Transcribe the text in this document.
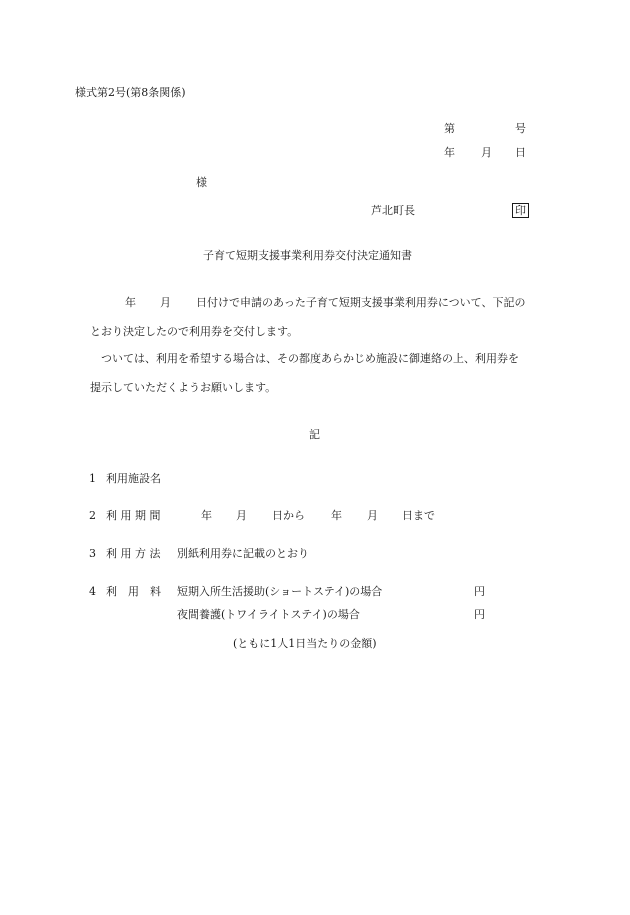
様式第2号(第8条関係)
第	号
年 月 日
様
芦北町長	印
子育て短期支援事業利用券交付決定通知書
年 月 日付けで申請のあった子育て短期支援事業利用券について、下記の
とおり決定したので利用券を交付します。
ついては、利用を希望する場合は、その都度あらかじめ施設に御連絡の上、利用券を
提示していただくようお願いします。
記
1 利用施設名
2 利 用 期 間	年 月 日から 年 月 日まで
3 利 用 方 法 別紙利用券に記載のとおり
4 利　用　料 短期入所生活援助(ショートステイ)の場合	円
夜間養護(トワイライトステイ)の場合	円
(ともに1人1日当たりの金額)
